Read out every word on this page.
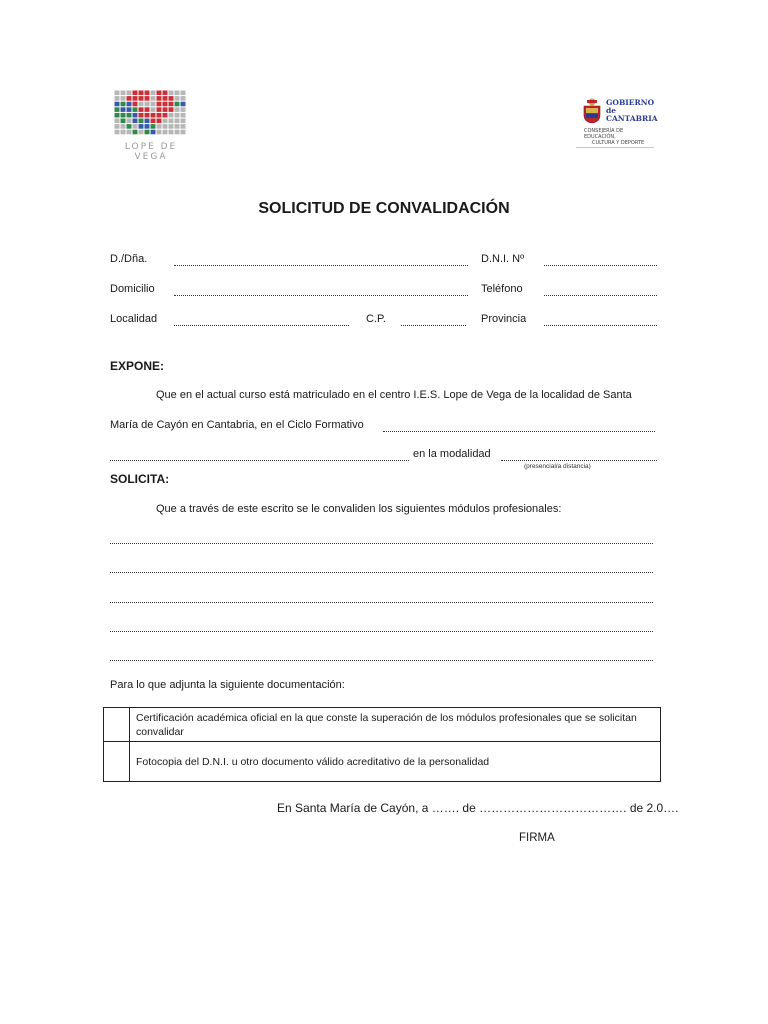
LOPE DE VEGA
GOBIERNO
de
CANTABRIA
CONSEJERÍA DE EDUCACIÓN,
CULTURA Y DEPORTE
SOLICITUD DE CONVALIDACIÓN
D./Dña.	D.N.I. Nº
Domicilio	Teléfono
Localidad	C.P.	Provincia
EXPONE:
Que en el actual curso está matriculado en el centro I.E.S. Lope de Vega de la localidad de Santa
María de Cayón en Cantabria, en el Ciclo Formativo
en la modalidad
(presencial/a distancia)
SOLICITA:
Que a través de este escrito se le convaliden los siguientes módulos profesionales:
Para lo que adjunta la siguiente documentación:
	Certificación académica oficial en la que conste la superación de los módulos profesionales que se solicitan convalidar
	Fotocopia del D.N.I. u otro documento válido acreditativo de la personalidad
En Santa María de Cayón, a ……. de ………………………………. de 2.0….
FIRMA
